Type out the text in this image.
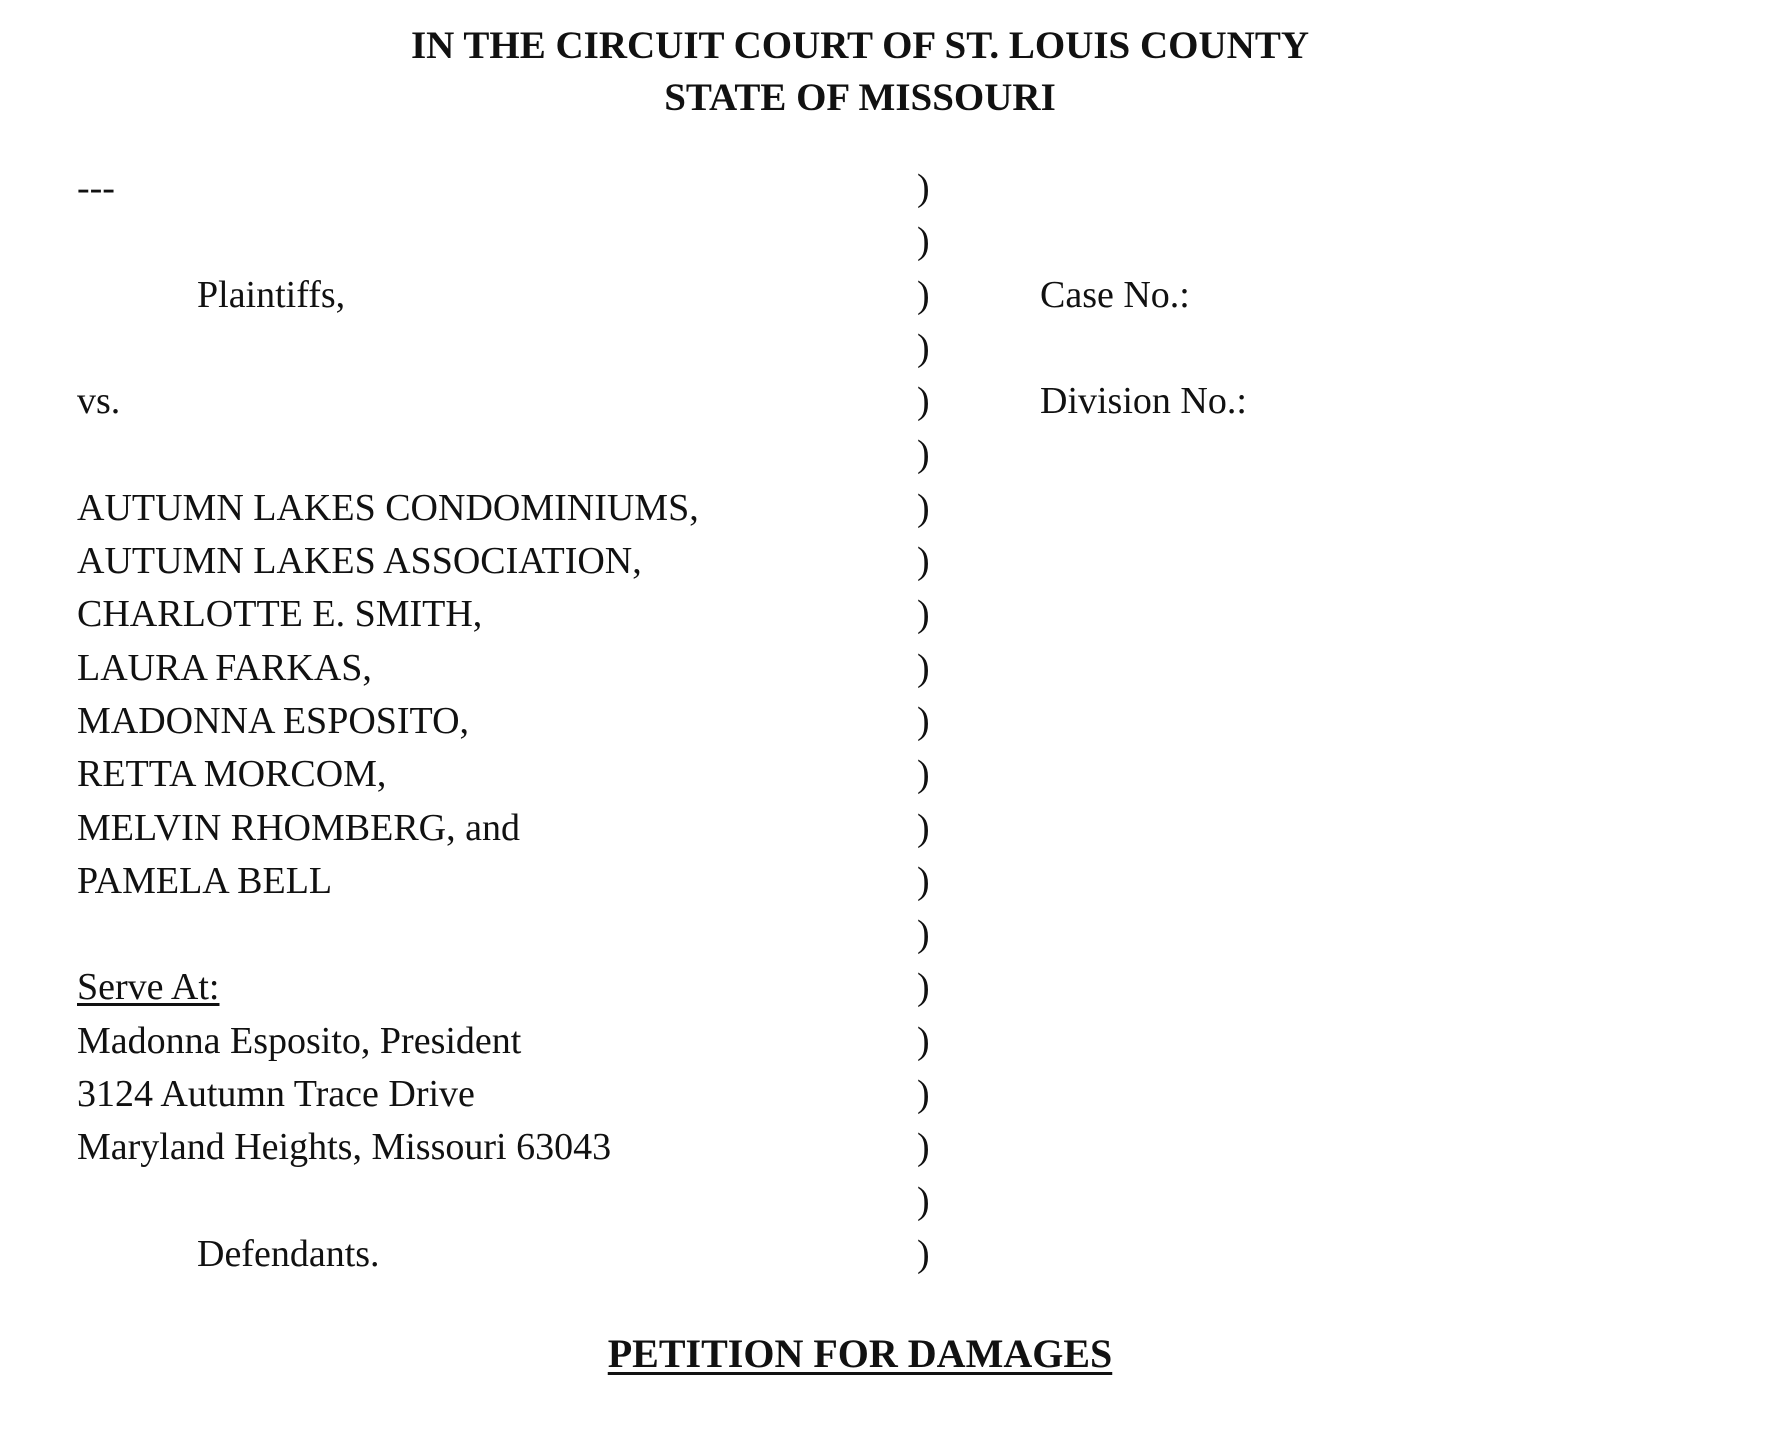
IN THE CIRCUIT COURT OF ST. LOUIS COUNTY
STATE OF MISSOURI
---
Plaintiffs,
vs.
AUTUMN LAKES CONDOMINIUMS,
AUTUMN LAKES ASSOCIATION,
CHARLOTTE E. SMITH,
LAURA FARKAS,
MADONNA ESPOSITO,
RETTA MORCOM,
MELVIN RHOMBERG, and
PAMELA BELL
Serve At:
Madonna Esposito, President
3124 Autumn Trace Drive
Maryland Heights, Missouri 63043
Defendants.
)
)
)
)
)
)
)
)
)
)
)
)
)
)
)
)
)
)
)
)
)
Case No.:
Division No.:
PETITION FOR DAMAGES
